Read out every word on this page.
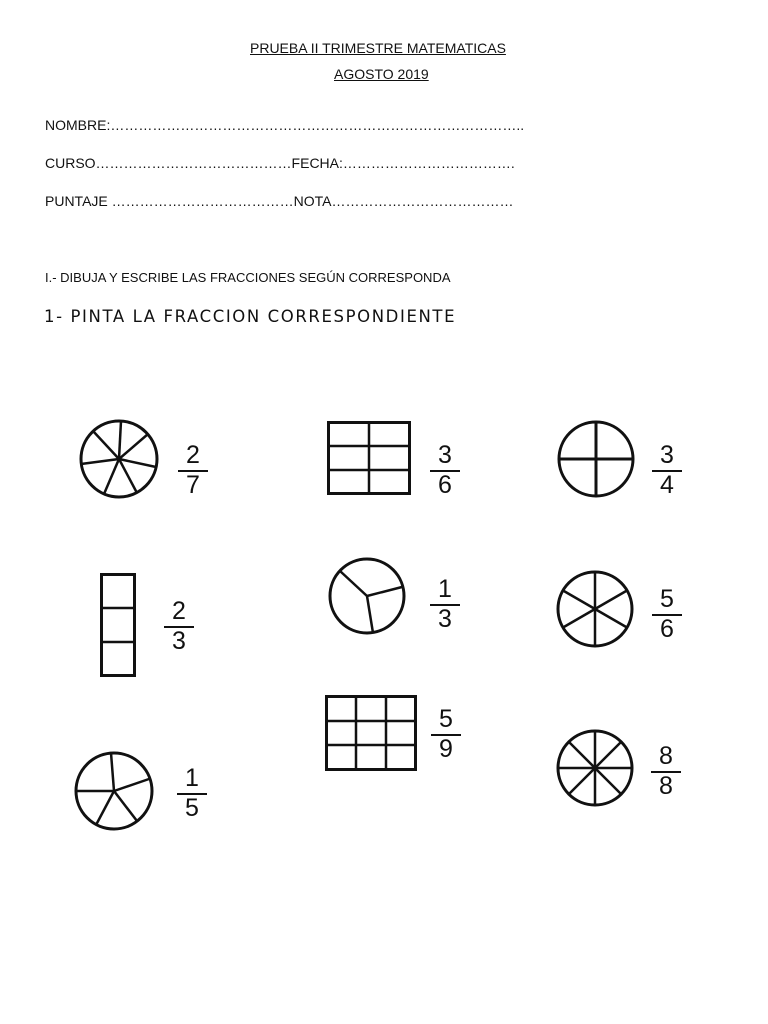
PRUEBA II TRIMESTRE MATEMATICAS
AGOSTO 2019
NOMBRE:……………………………………………………………………………..
CURSO……………………………………FECHA:……………………………….
PUNTAJE …………………………………NOTA…………………………………
I.- DIBUJA Y ESCRIBE LAS FRACCIONES SEGÚN CORRESPONDA
1- PINTA LA FRACCION CORRESPONDIENTE
2
7
3
6
3
4
2
3
1
3
5
6
1
5
5
9	8
8
